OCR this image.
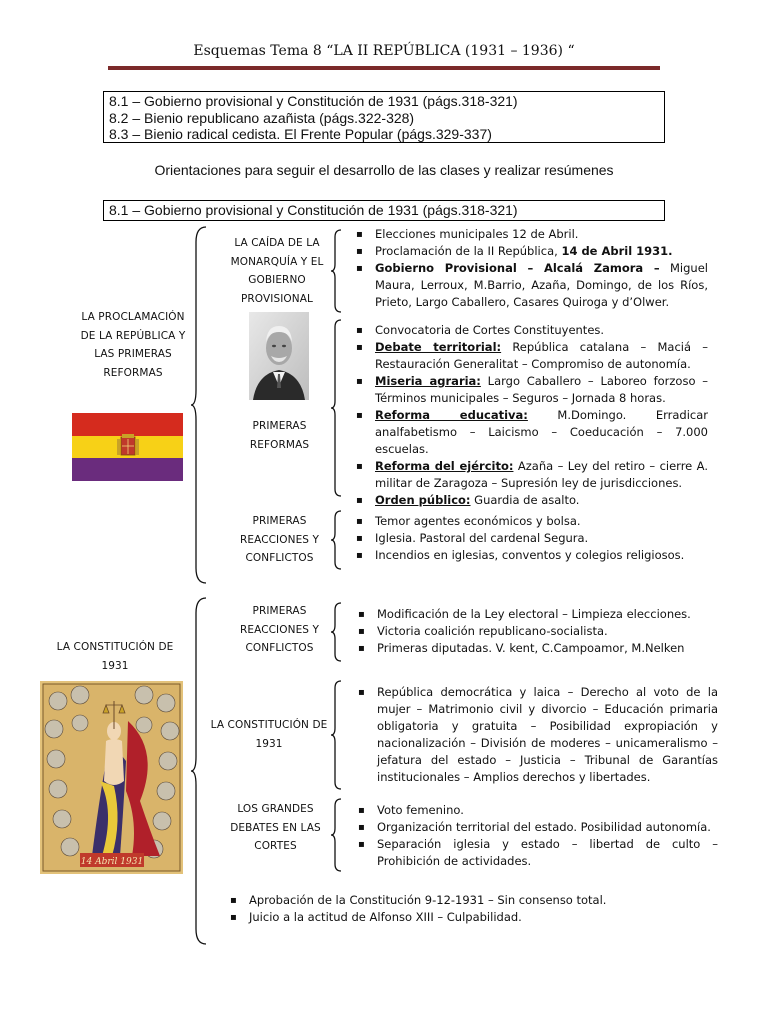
Esquemas Tema 8 “LA II REPÚBLICA (1931 – 1936) “
8.1 – Gobierno provisional y Constitución de 1931 (págs.318-321)
8.2 – Bienio republicano azañista (págs.322-328)
8.3 – Bienio radical cedista. El Frente Popular (págs.329-337)
Orientaciones para seguir el desarrollo de las clases y realizar resúmenes
8.1 – Gobierno provisional y Constitución de 1931 (págs.318-321)
LA PROCLAMACIÓN
DE LA REPÚBLICA Y
LAS PRIMERAS
REFORMAS
LA CAÍDA DE LA
MONARQUÍA Y EL
GOBIERNO
PROVISIONAL
PRIMERAS
REFORMAS
PRIMERAS
REACCIONES Y
CONFLICTOS
▪ Elecciones municipales 12 de Abril.
▪ Proclamación de la II República, 14 de Abril 1931.
▪ Gobierno Provisional – Alcalá Zamora – Miguel Maura, Lerroux, M.Barrio, Azaña, Domingo, de los Ríos, Prieto, Largo Caballero, Casares Quiroga y d’Olwer.
▪ Convocatoria de Cortes Constituyentes.
▪ Debate territorial: República catalana – Maciá – Restauración Generalitat – Compromiso de autonomía.
▪ Miseria agraria: Largo Caballero – Laboreo forzoso – Términos municipales – Seguros – Jornada 8 horas.
▪ Reforma educativa: M.Domingo. Erradicar analfabetismo – Laicismo – Coeducación – 7.000 escuelas.
▪ Reforma del ejército: Azaña – Ley del retiro – cierre A. militar de Zaragoza – Supresión ley de jurisdicciones.
▪ Orden público: Guardia de asalto.
▪ Temor agentes económicos y bolsa.
▪ Iglesia. Pastoral del cardenal Segura.
▪ Incendios en iglesias, conventos y colegios religiosos.
LA CONSTITUCIÓN DE
1931
14 Abril 1931
PRIMERAS
REACCIONES Y
CONFLICTOS
LA CONSTITUCIÓN DE
1931
LOS GRANDES
DEBATES EN LAS
CORTES
▪ Modificación de la Ley electoral – Limpieza elecciones.
▪ Victoria coalición republicano-socialista.
▪ Primeras diputadas. V. kent, C.Campoamor, M.Nelken
▪ República democrática y laica – Derecho al voto de la mujer – Matrimonio civil y divorcio – Educación primaria obligatoria y gratuita – Posibilidad expropiación y nacionalización – División de moderes – unicameralismo – jefatura del estado – Justicia – Tribunal de Garantías institucionales – Amplios derechos y libertades.
▪ Voto femenino.
▪ Organización territorial del estado. Posibilidad autonomía.
▪ Separación iglesia y estado – libertad de culto – Prohibición de actividades.
▪ Aprobación de la Constitución 9-12-1931 – Sin consenso total.
▪ Juicio a la actitud de Alfonso XIII – Culpabilidad.
